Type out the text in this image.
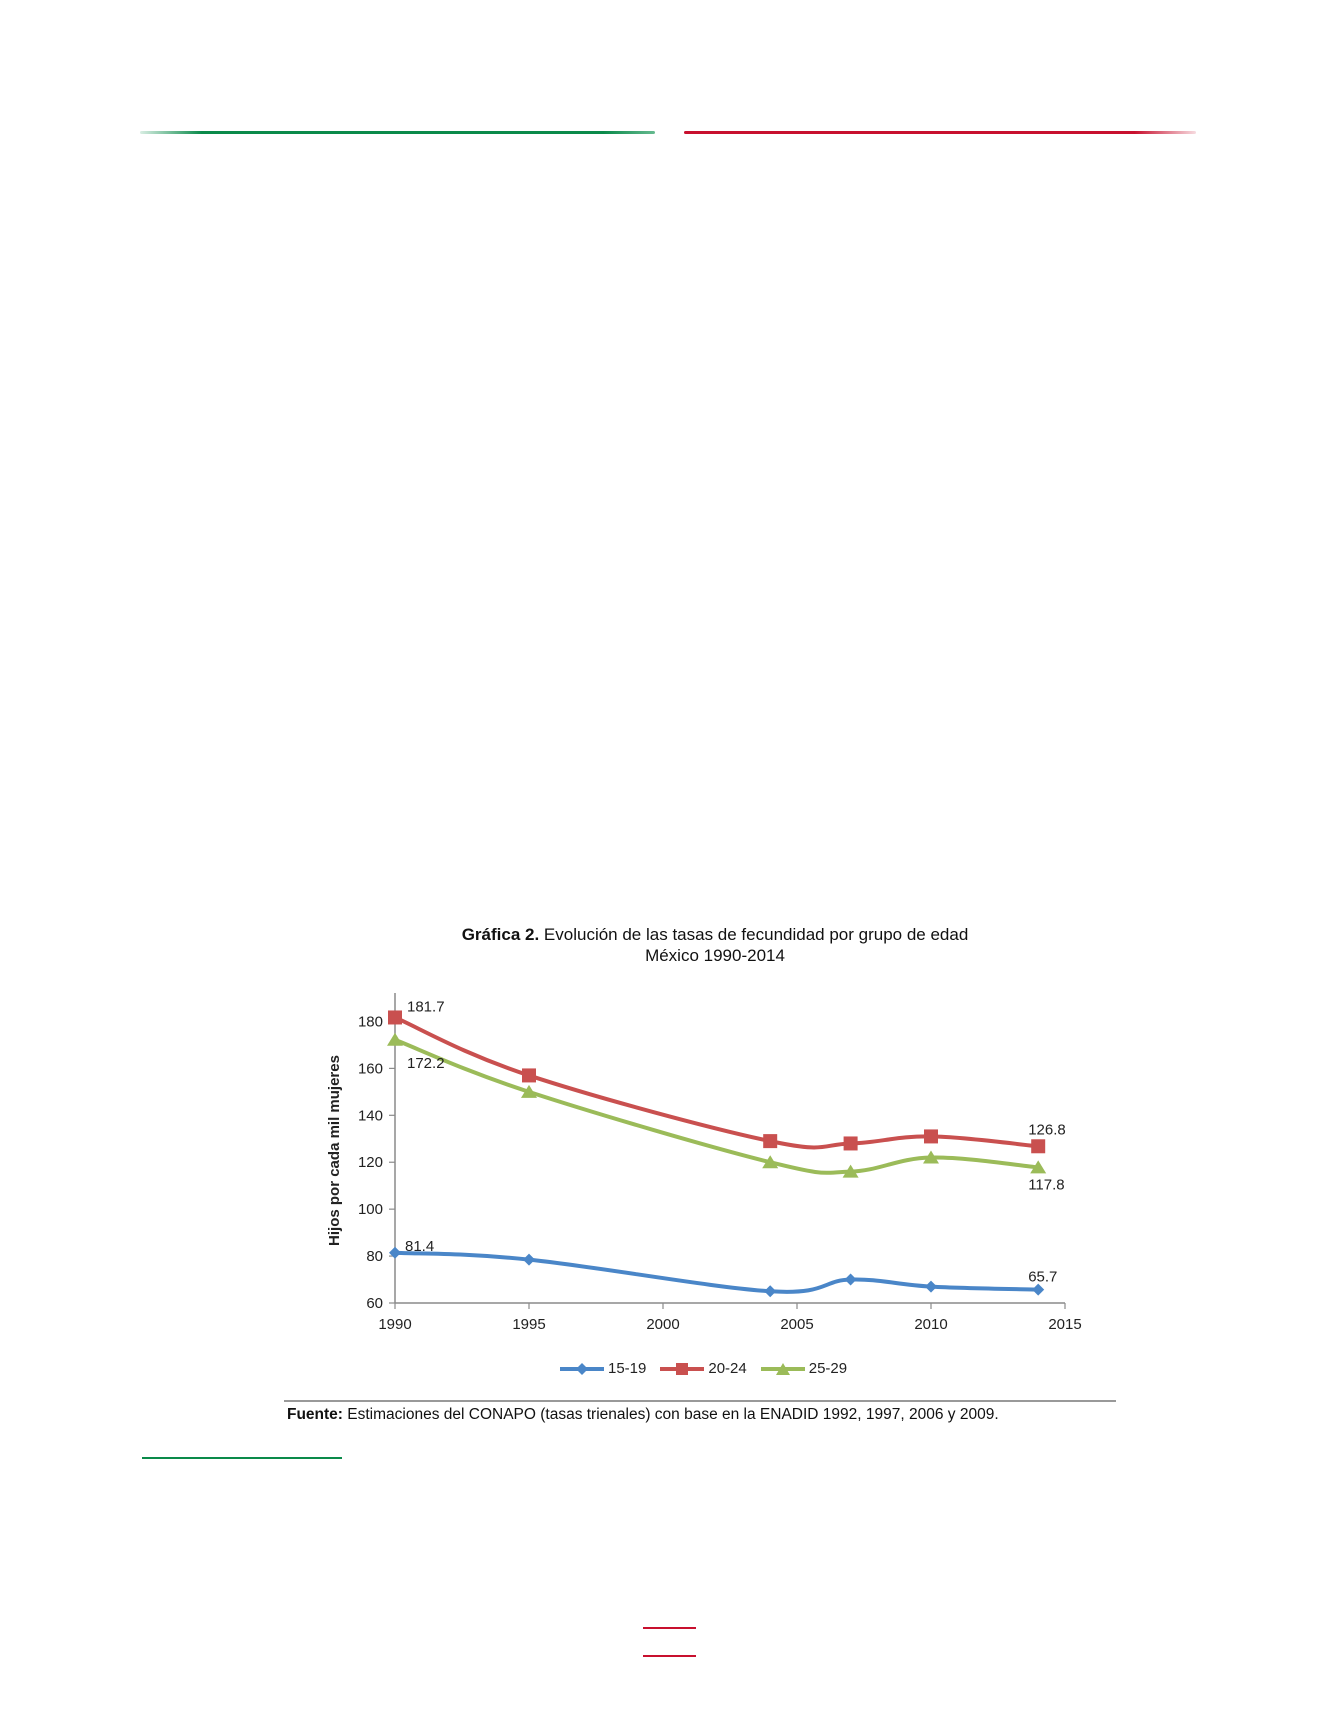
Gráfica 2. Evolución de las tasas de fecundidad por grupo de edad
México 1990-2014
60
80
100
120
140
160
180
1990	1995	2000	2005	2010	2015
Hijos por cada mil mujeres
81.4
65.7
181.7
126.8
172.2
117.8
15-19	20-24	25-29
Fuente: Estimaciones del CONAPO (tasas trienales) con base en la ENADID 1992, 1997, 2006 y 2009.
